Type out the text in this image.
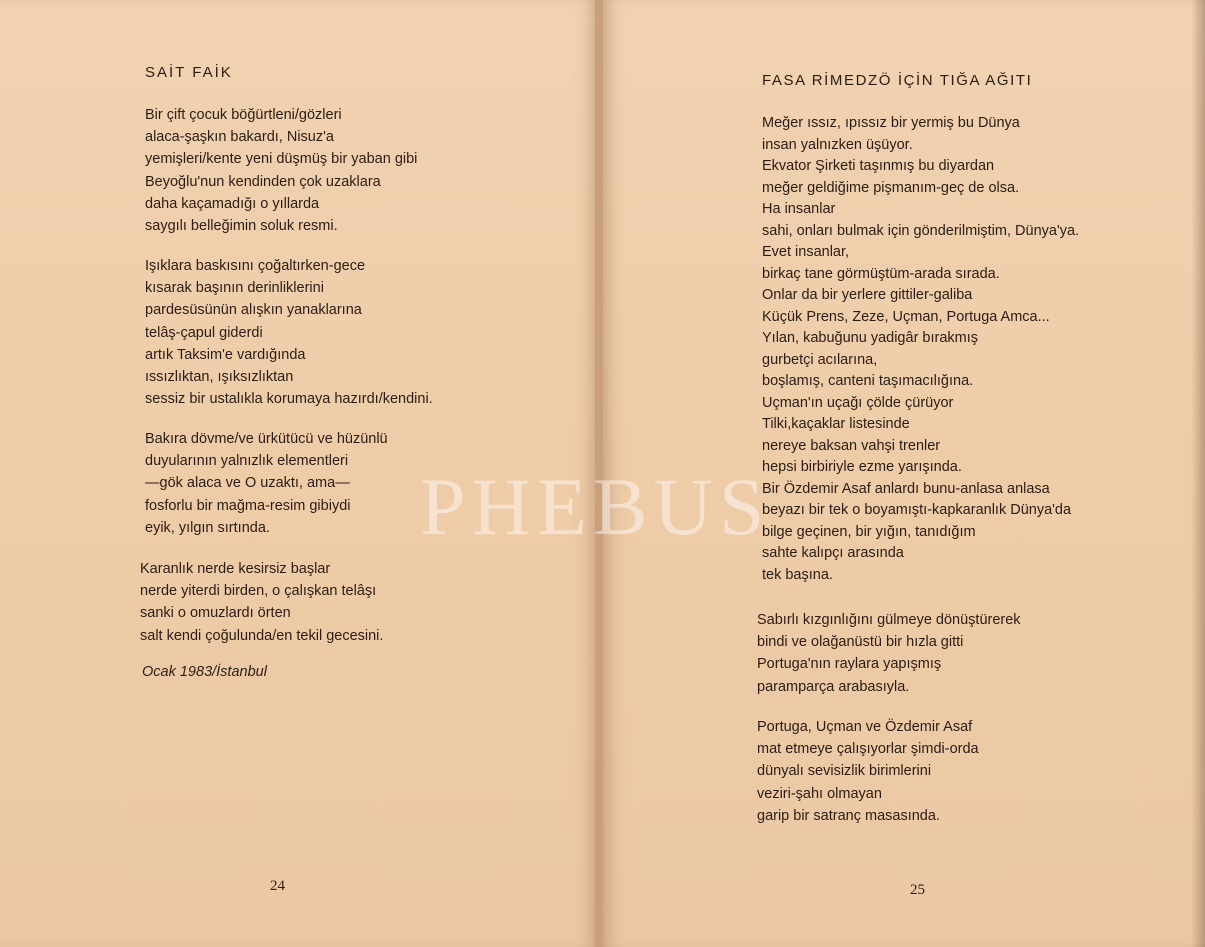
SAİT FAİK
Bir çift çocuk böğürtleni/gözleri
alaca-şaşkın bakardı, Nisuz'a
yemişleri/kente yeni düşmüş bir yaban gibi
Beyoğlu'nun kendinden çok uzaklara
daha kaçamadığı o yıllarda
saygılı belleğimin soluk resmi.
Işıklara baskısını çoğaltırken-gece
kısarak başının derinliklerini
pardesüsünün alışkın yanaklarına
telâş-çapul giderdi
artık Taksim'e vardığında
ıssızlıktan, ışıksızlıktan
sessiz bir ustalıkla korumaya hazırdı/kendini.
Bakıra dövme/ve ürkütücü ve hüzünlü
duyularının yalnızlık elementleri
—gök alaca ve O uzaktı, ama—
fosforlu bir mağma-resim gibiydi
eyik, yılgın sırtında.
Karanlık nerde kesirsiz başlar
nerde yiterdi birden, o çalışkan telâşı
sanki o omuzlardı örten
salt kendi çoğulunda/en tekil gecesini.
Ocak 1983/İstanbul
24
FASA RİMEDZÖ İÇİN TIĞA AĞITI
Meğer ıssız, ıpıssız bir yermiş bu Dünya
insan yalnızken üşüyor.
Ekvator Şirketi taşınmış bu diyardan
meğer geldiğime pişmanım-geç de olsa.
Ha insanlar
sahi, onları bulmak için gönderilmiştim, Dünya'ya.
Evet insanlar,
birkaç tane görmüştüm-arada sırada.
Onlar da bir yerlere gittiler-galiba
Küçük Prens, Zeze, Uçman, Portuga Amca...
Yılan, kabuğunu yadigâr bırakmış
gurbetçi acılarına,
boşlamış, canteni taşımacılığına.
Uçman'ın uçağı çölde çürüyor
Tilki,kaçaklar listesinde
nereye baksan vahşi trenler
hepsi birbiriyle ezme yarışında.
Bir Özdemir Asaf anlardı bunu-anlasa anlasa
beyazı bir tek o boyamıştı-kapkaranlık Dünya'da
bilge geçinen, bir yığın, tanıdığım
sahte kalıpçı arasında
tek başına.
Sabırlı kızgınlığını gülmeye dönüştürerek
bindi ve olağanüstü bir hızla gitti
Portuga'nın raylara yapışmış
paramparça arabasıyla.
Portuga, Uçman ve Özdemir Asaf
mat etmeye çalışıyorlar şimdi-orda
dünyalı sevisizlik birimlerini
veziri-şahı olmayan
garip bir satranç masasında.
25
PHEBUS
